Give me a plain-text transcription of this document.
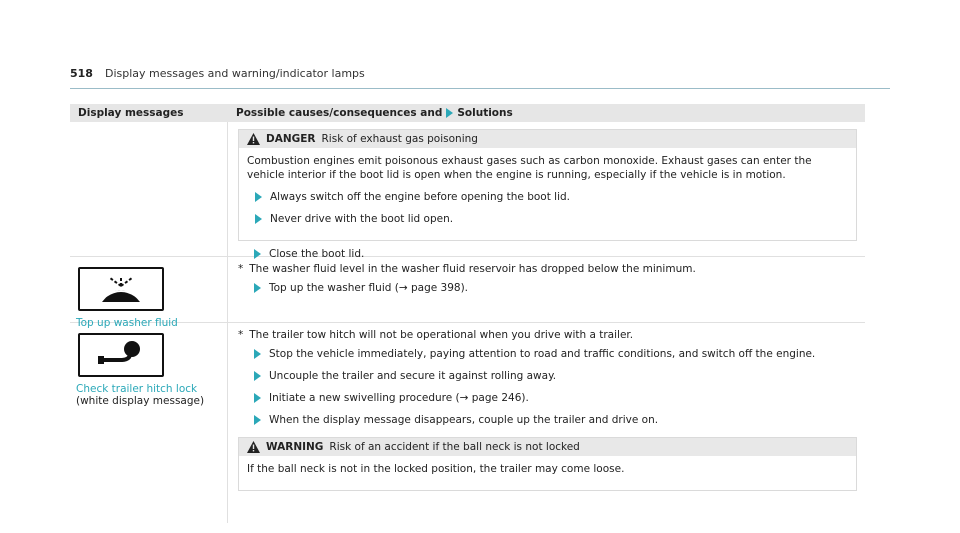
518 Display messages and warning/indicator lamps
Display messages	Possible causes/consequences and Solutions
DANGER Risk of exhaust gas poisoning

Combustion engines emit poisonous exhaust gases such as carbon monoxide. Exhaust gases can enter the vehicle interior if the boot lid is open when the engine is running, especially if the vehicle is in motion.

Always switch off the engine before opening the boot lid.
Never drive with the boot lid open.
Close the boot lid.
Top up washer fluid
* The washer fluid level in the washer fluid reservoir has dropped below the minimum.
Top up the washer fluid (→ page 398).
Check trailer hitch lock
(white display message)
* The trailer tow hitch will not be operational when you drive with a trailer.
Stop the vehicle immediately, paying attention to road and traffic conditions, and switch off the engine.
Uncouple the trailer and secure it against rolling away.
Initiate a new swivelling procedure (→ page 246).
When the display message disappears, couple up the trailer and drive on.
WARNING Risk of an accident if the ball neck is not locked

If the ball neck is not in the locked position, the trailer may come loose.
